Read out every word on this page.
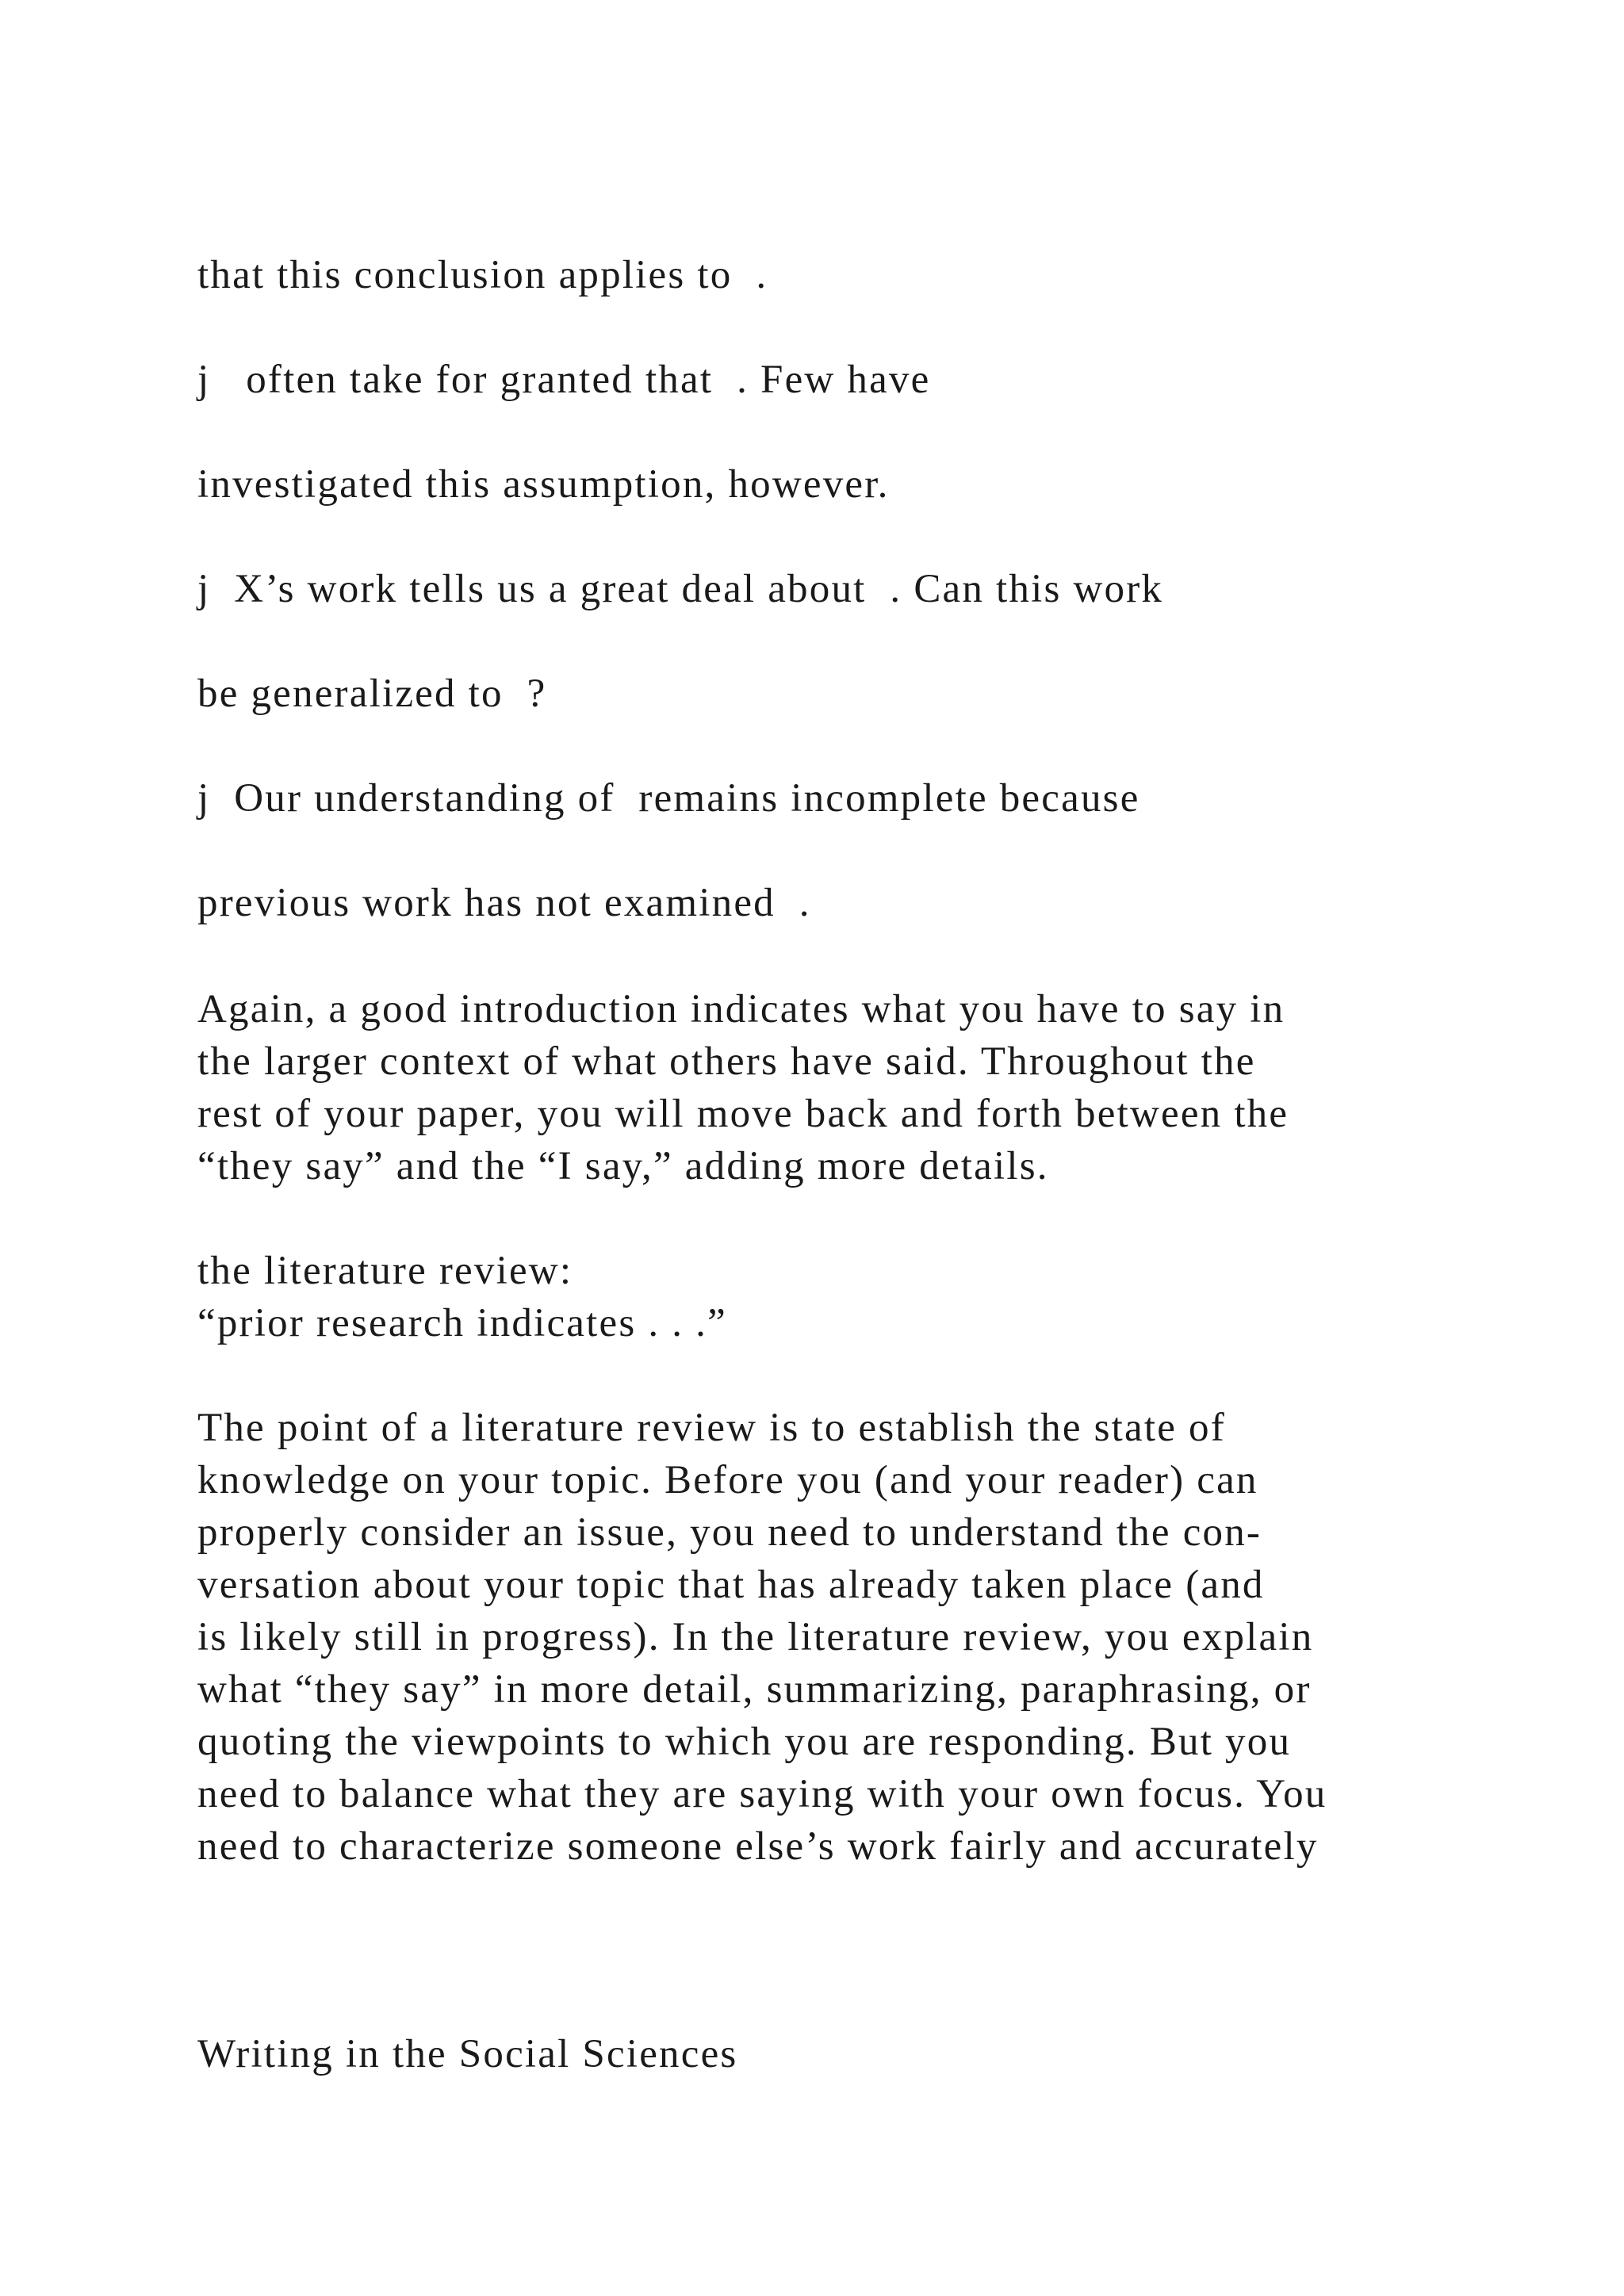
that this conclusion applies to  .

j   often take for granted that  . Few have

investigated this assumption, however.

j  X’s work tells us a great deal about  . Can this work

be generalized to  ?

j  Our understanding of  remains incomplete because

previous work has not examined  .

Again, a good introduction indicates what you have to say in
the larger context of what others have said. Throughout the
rest of your paper, you will move back and forth between the
“they say” and the “I say,” adding more details.
the literature review:
“prior research indicates . . .”
The point of a literature review is to establish the state of
knowledge on your topic. Before you (and your reader) can
properly consider an issue, you need to understand the con-
versation about your topic that has already taken place (and
is likely still in progress). In the literature review, you explain
what “they say” in more detail, summarizing, paraphrasing, or
quoting the viewpoints to which you are responding. But you
need to balance what they are saying with your own focus. You
need to characterize someone else’s work fairly and accurately

Writing in the Social Sciences
